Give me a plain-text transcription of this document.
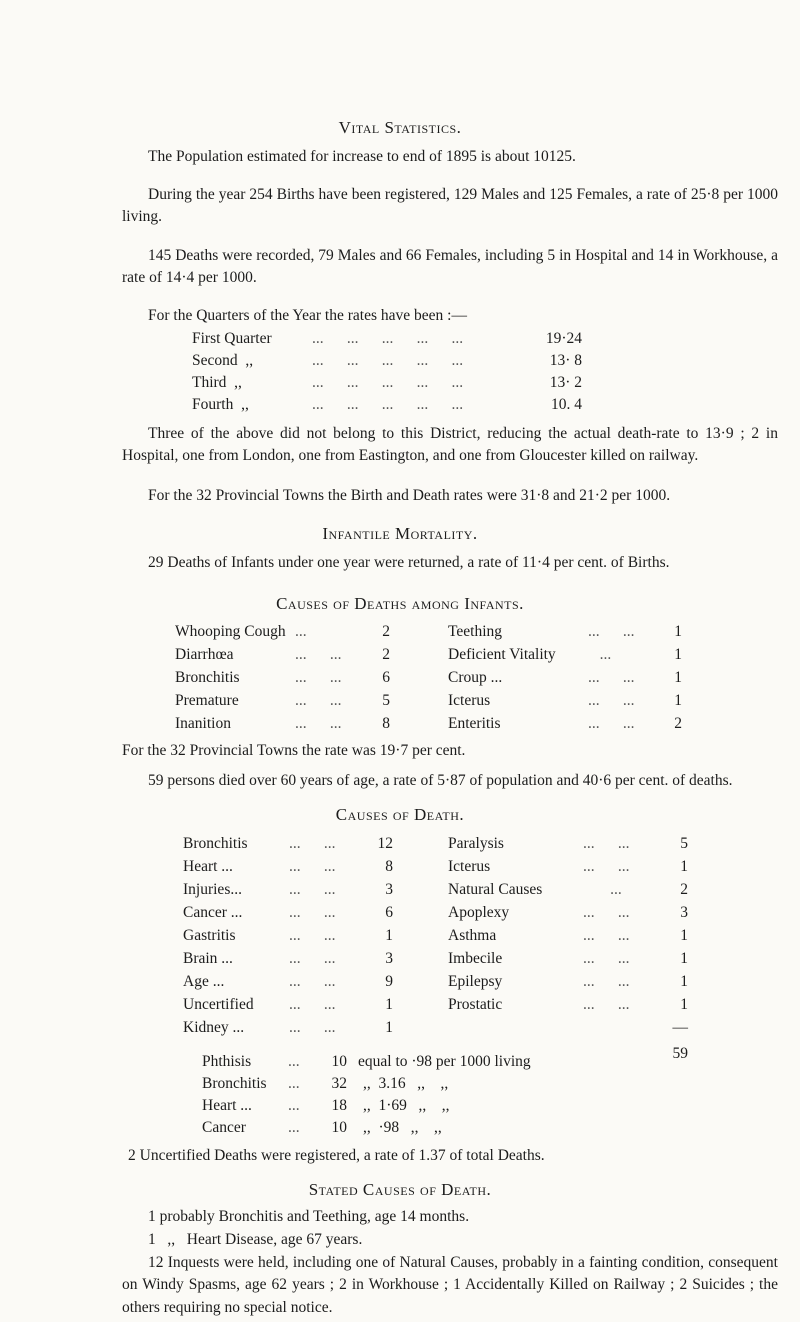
Vital Statistics.
The Population estimated for increase to end of 1895 is about 10125.
During the year 254 Births have been registered, 129 Males and 125 Females, a rate of 25·8 per 1000 living.
145 Deaths were recorded, 79 Males and 66 Females, including 5 in Hospital and 14 in Workhouse, a rate of 14·4 per 1000.
For the Quarters of the Year the rates have been :—
First Quarter	...      ...      ...      ...      ...	19·24
Second  ,,	...      ...      ...      ...      ...	13· 8
Third  ,,	...      ...      ...      ...      ...	13· 2
Fourth  ,,	...      ...      ...      ...      ...	10. 4
Three of the above did not belong to this District, reducing the actual death-rate to 13·9 ; 2 in Hospital, one from London, one from Eastington, and one from Gloucester killed on railway.
For the 32 Provincial Towns the Birth and Death rates were 31·8 and 21·2 per 1000.
Infantile Mortality.
29 Deaths of Infants under one year were returned, a rate of 11·4 per cent. of Births.
Causes of Deaths among Infants.
Whooping Cough ...	2
Diarrhœa	...      ...	2
Bronchitis	...      ...	6
Premature	...      ...	5
Inanition	...      ...	8
Teething	...      ...	1
Deficient Vitality	...	1
Croup ...	...      ...	1
Icterus	...      ...	1
Enteritis	...      ...	2
For the 32 Provincial Towns the rate was 19·7 per cent.
59 persons died over 60 years of age, a rate of 5·87 of population and 40·6 per cent. of deaths.
Causes of Death.
Bronchitis	...      ...	12
Heart ...	...      ...	8
Injuries...	...      ...	3
Cancer ...	...      ...	6
Gastritis	...      ...	1
Brain ...	...      ...	3
Age ...	...      ...	9
Uncertified	...      ...	1
Kidney ...	...      ...	1
Paralysis	...      ...	5
Icterus	...      ...	1
Natural Causes	...	2
Apoplexy	...      ...	3
Asthma	...      ...	1
Imbecile	...      ...	1
Epilepsy	...      ...	1
Prostatic	...      ...	1
—
59
Phthisis ...	10 equal to ·98 per 1000 living
Bronchitis ...	32 ,,  3.16   ,,    ,,
Heart ... ...	18 ,,  1·69   ,,    ,,
Cancer	...	10 ,,  ·98   ,,    ,,
2 Uncertified Deaths were registered, a rate of 1.37 of total Deaths.
Stated Causes of Death.
1 probably Bronchitis and Teething, age 14 months.
1   ,,   Heart Disease, age 67 years.
12 Inquests were held, including one of Natural Causes, probably in a fainting condition, consequent on Windy Spasms, age 62 years ; 2 in Workhouse ; 1 Accidentally Killed on Railway ; 2 Suicides ; the others requiring no special notice.
